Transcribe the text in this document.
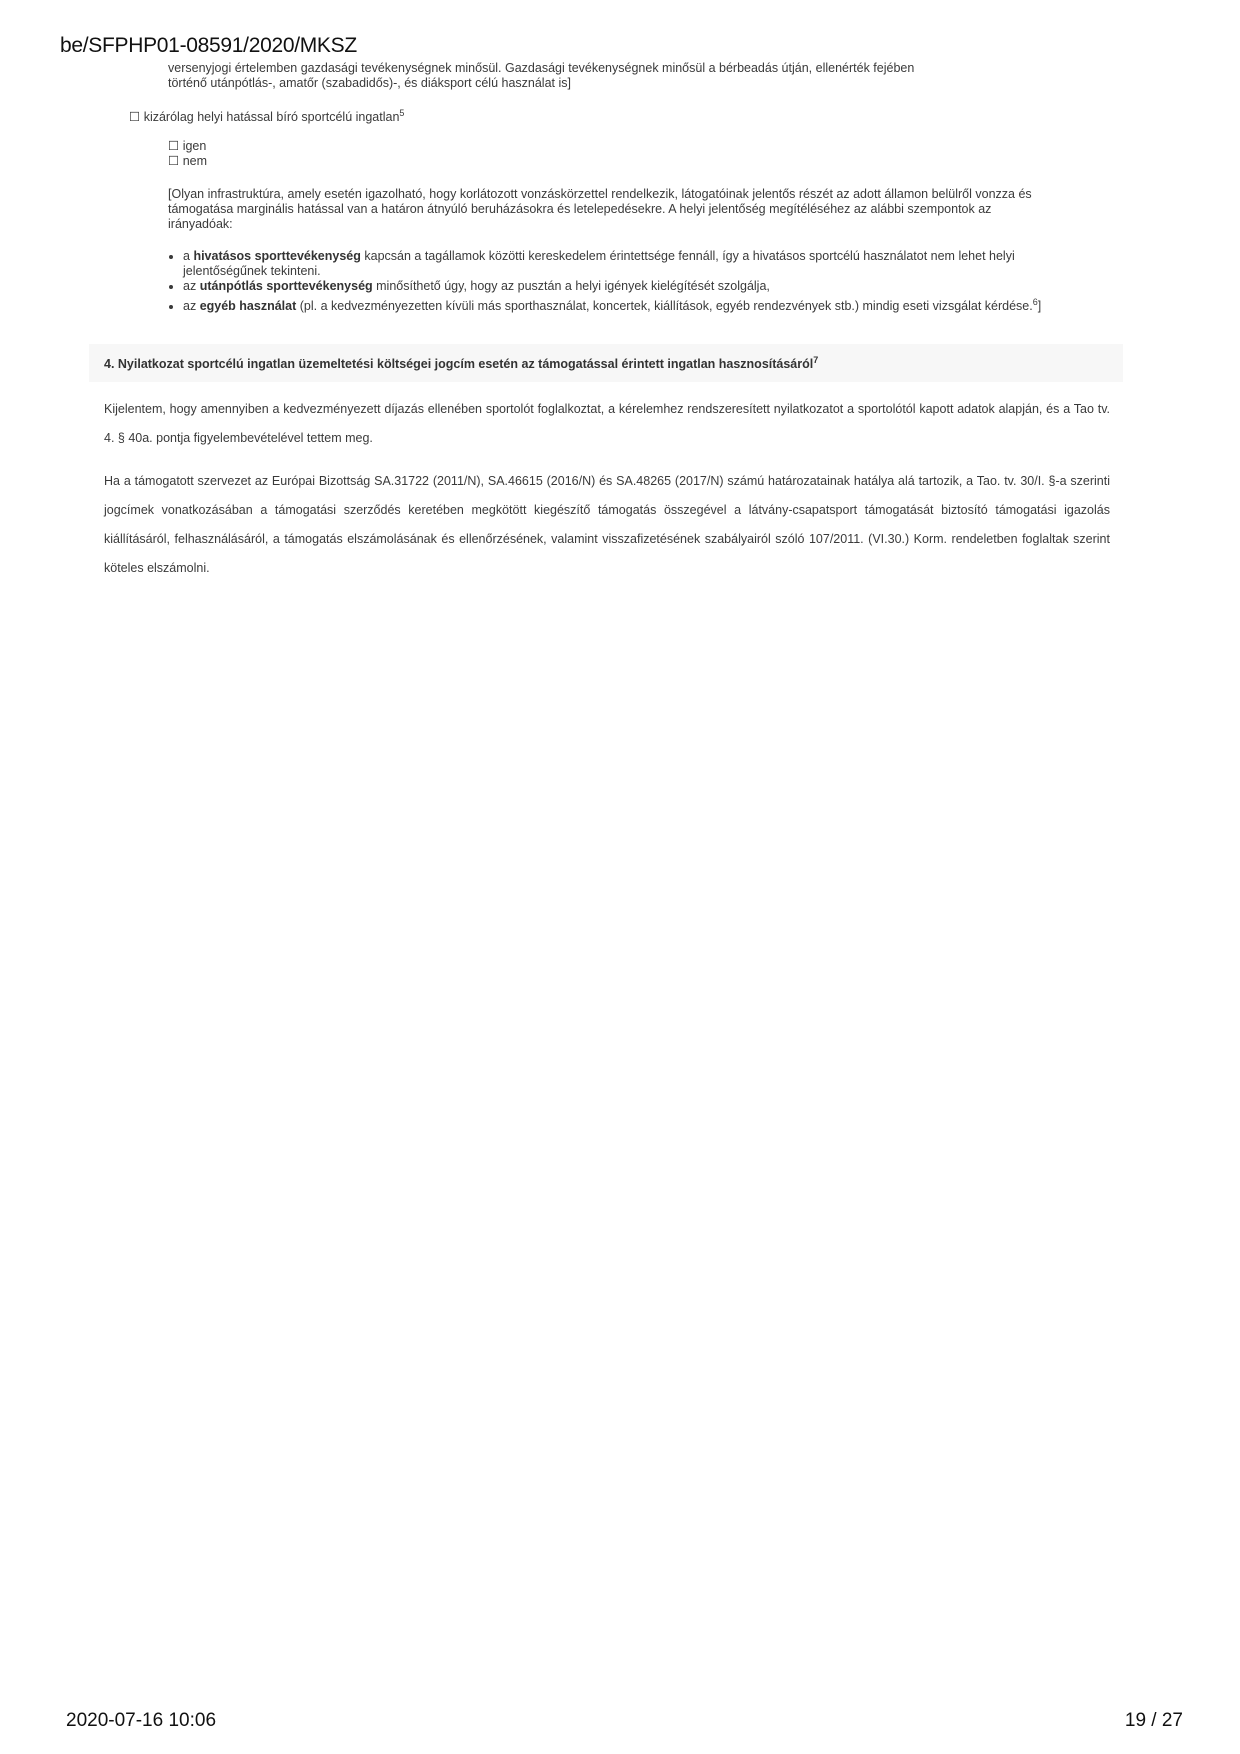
be/SFPHP01-08591/2020/MKSZ
versenyjogi értelemben gazdasági tevékenységnek minősül. Gazdasági tevékenységnek minősül a bérbeadás útján, ellenérték fejében
történő utánpótlás-, amatőr (szabadidős)-, és diáksport célú használat is]
☐ kizárólag helyi hatással bíró sportcélú ingatlan$^5$
☐ igen
☐ nem
[Olyan infrastruktúra, amely esetén igazolható, hogy korlátozott vonzáskörzettel rendelkezik, látogatóinak jelentős részét az adott államon belülről vonzza és támogatása marginális hatással van a határon átnyúló beruházásokra és letelepedésekre. A helyi jelentőség megítéléséhez az alábbi szempontok az irányadóak:
• a hivatásos sporttevékenység kapcsán a tagállamok közötti kereskedelem érintettsége fennáll, így a hivatásos sportcélú használatot nem lehet helyi jelentőségűnek tekinteni.
• az utánpótlás sporttevékenység minősíthető úgy, hogy az pusztán a helyi igények kielégítését szolgálja,
• az egyéb használat (pl. a kedvezményezetten kívüli más sporthasználat, koncertek, kiállítások, egyéb rendezvények stb.) mindig eseti vizsgálat kérdése.$^6$]
4. Nyilatkozat sportcélú ingatlan üzemeltetési költségei jogcím esetén az támogatással érintett ingatlan hasznosításáról$^7$
Kijelentem, hogy amennyiben a kedvezményezett díjazás ellenében sportolót foglalkoztat, a kérelemhez rendszeresített nyilatkozatot a sportolótól kapott adatok alapján, és a Tao tv. 4. § 40a. pontja figyelembevételével tettem meg.
Ha a támogatott szervezet az Európai Bizottság SA.31722 (2011/N), SA.46615 (2016/N) és SA.48265 (2017/N) számú határozatainak hatálya alá tartozik, a Tao. tv. 30/I. §-a szerinti jogcímek vonatkozásában a támogatási szerződés keretében megkötött kiegészítő támogatás összegével a látvány-csapatsport támogatását biztosító támogatási igazolás kiállításáról, felhasználásáról, a támogatás elszámolásának és ellenőrzésének, valamint visszafizetésének szabályairól szóló 107/2011. (VI.30.) Korm. rendeletben foglaltak szerint köteles elszámolni.
2020-07-16 10:06	19 / 27
